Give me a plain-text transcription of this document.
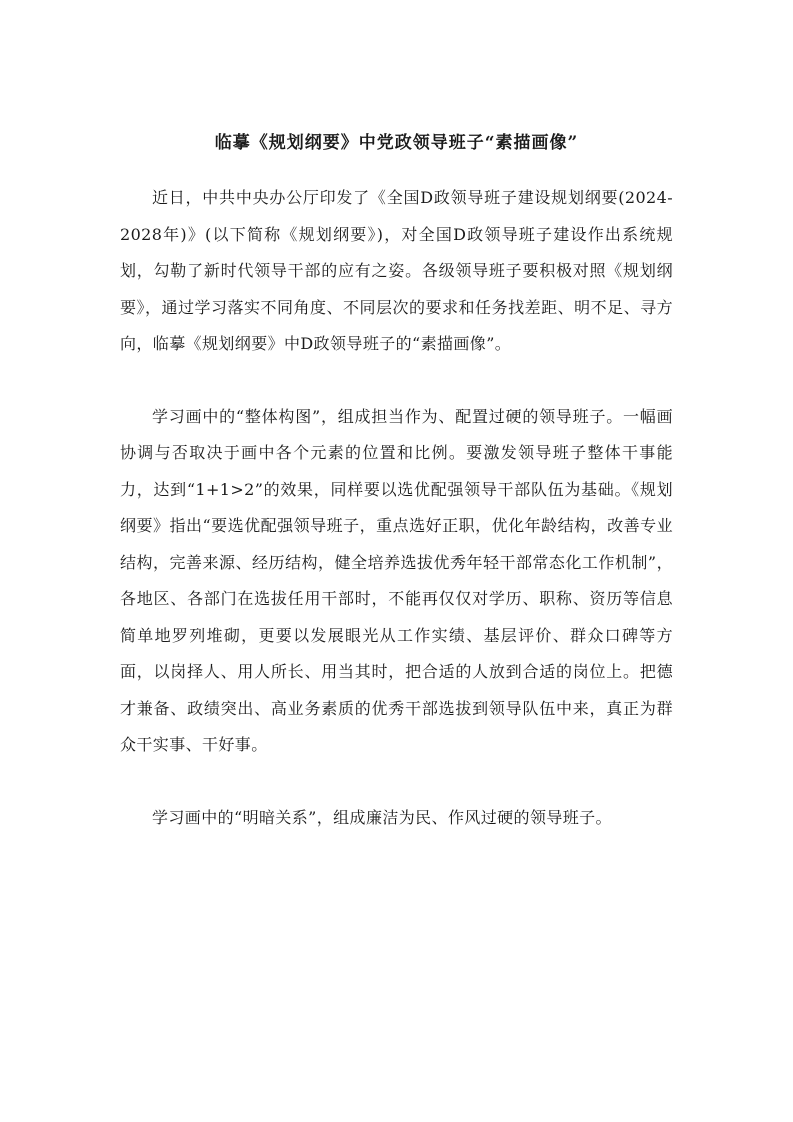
临摹《规划纲要》中党政领导班子“素描画像”

近日，中共中央办公厅印发了《全国D政领导班子建设规划纲要(2024-2028年)》(以下简称《规划纲要》)，对全国D政领导班子建设作出系统规划，勾勒了新时代领导干部的应有之姿。各级领导班子要积极对照《规划纲要》，通过学习落实不同角度、不同层次的要求和任务找差距、明不足、寻方向，临摹《规划纲要》中D政领导班子的“素描画像”。

学习画中的“整体构图”，组成担当作为、配置过硬的领导班子。一幅画协调与否取决于画中各个元素的位置和比例。要激发领导班子整体干事能力，达到“1+1>2”的效果，同样要以选优配强领导干部队伍为基础。《规划纲要》指出“要选优配强领导班子，重点选好正职，优化年龄结构，改善专业结构，完善来源、经历结构，健全培养选拔优秀年轻干部常态化工作机制”，各地区、各部门在选拔任用干部时，不能再仅仅对学历、职称、资历等信息简单地罗列堆砌，更要以发展眼光从工作实绩、基层评价、群众口碑等方面，以岗择人、用人所长、用当其时，把合适的人放到合适的岗位上。把德才兼备、政绩突出、高业务素质的优秀干部选拔到领导队伍中来，真正为群众干实事、干好事。

学习画中的“明暗关系”，组成廉洁为民、作风过硬的领导班子。
